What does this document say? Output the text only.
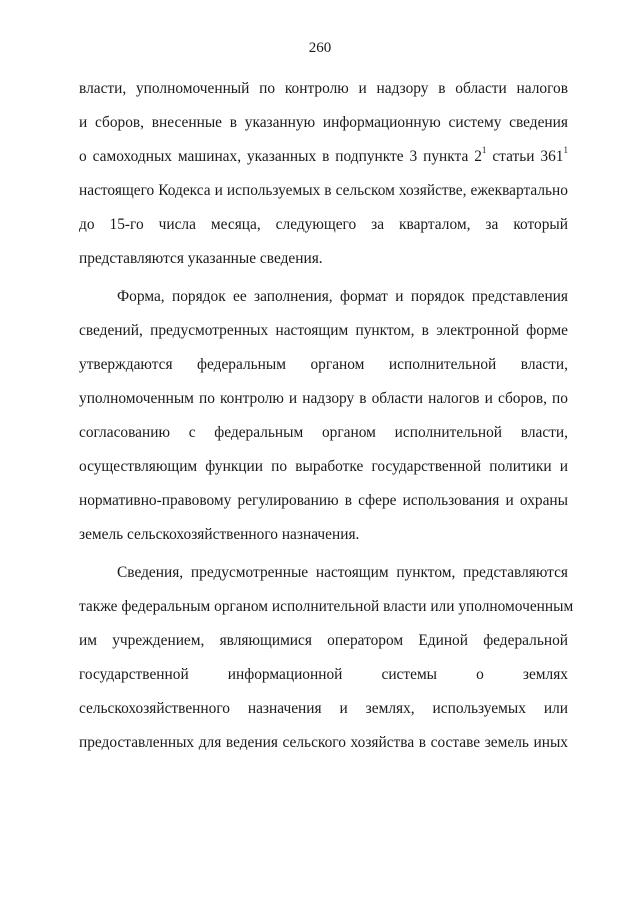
260
власти, уполномоченный по контролю и надзору в области налогов
и сборов, внесенные в указанную информационную систему сведения
о самоходных машинах, указанных в подпункте 3 пункта $2^1$ статьи $361^1$
настоящего Кодекса и используемых в сельском хозяйстве, ежеквартально
до 15-го числа месяца, следующего за кварталом, за который
представляются указанные сведения.
Форма, порядок ее заполнения, формат и порядок представления
сведений, предусмотренных настоящим пунктом, в электронной форме
утверждаются федеральным органом исполнительной власти,
уполномоченным по контролю и надзору в области налогов и сборов, по
согласованию с федеральным органом исполнительной власти,
осуществляющим функции по выработке государственной политики и
нормативно-правовому регулированию в сфере использования и охраны
земель сельскохозяйственного назначения.
Сведения, предусмотренные настоящим пунктом, представляются
также федеральным органом исполнительной власти или уполномоченным
им учреждением, являющимися оператором Единой федеральной
государственной информационной системы о землях
сельскохозяйственного назначения и землях, используемых или
предоставленных для ведения сельского хозяйства в составе земель иных
